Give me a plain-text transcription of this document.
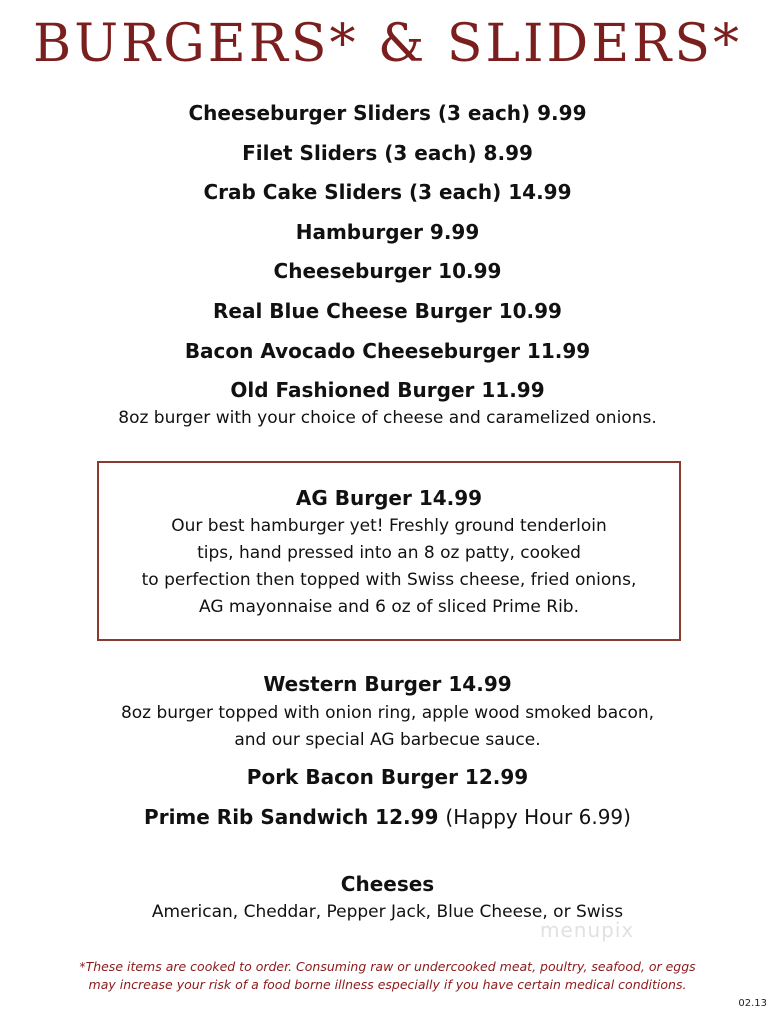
BURGERS* & SLIDERS*
Cheeseburger Sliders (3 each) 9.99
Filet Sliders (3 each) 8.99
Crab Cake Sliders (3 each) 14.99
Hamburger 9.99
Cheeseburger 10.99
Real Blue Cheese Burger 10.99
Bacon Avocado Cheeseburger 11.99
Old Fashioned Burger 11.99
8oz burger with your choice of cheese and caramelized onions.
AG Burger 14.99
Our best hamburger yet! Freshly ground tenderloin
tips, hand pressed into an 8 oz patty, cooked
to perfection then topped with Swiss cheese, fried onions,
AG mayonnaise and 6 oz of sliced Prime Rib.
Western Burger 14.99
8oz burger topped with onion ring, apple wood smoked bacon,
and our special AG barbecue sauce.
Pork Bacon Burger 12.99
Prime Rib Sandwich 12.99 (Happy Hour 6.99)
Cheeses
American, Cheddar, Pepper Jack, Blue Cheese, or Swiss
menupix
*These items are cooked to order. Consuming raw or undercooked meat, poultry, seafood, or eggs
may increase your risk of a food borne illness especially if you have certain medical conditions.
02.13
